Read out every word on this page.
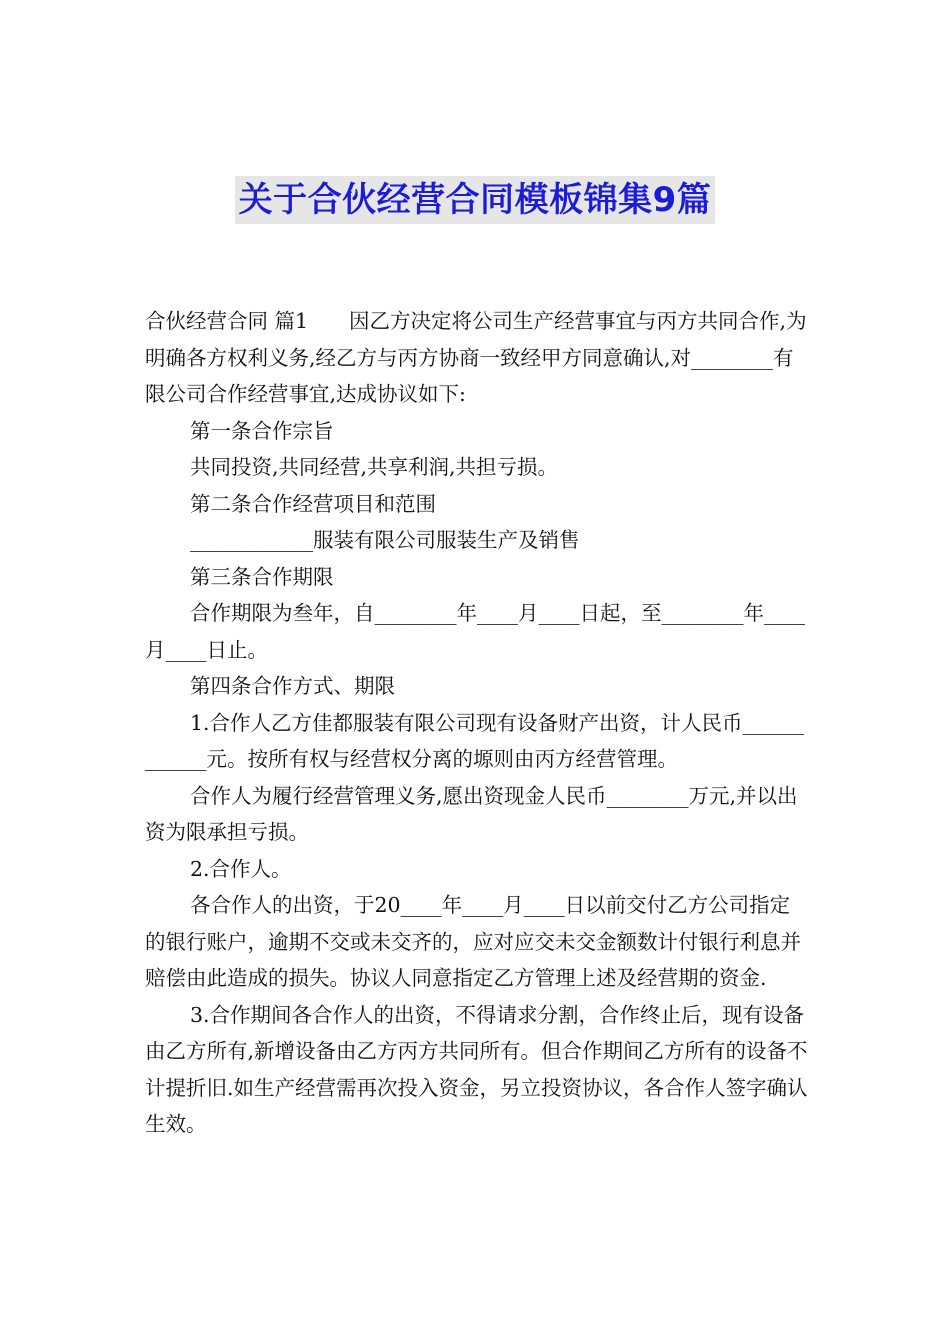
关于合伙经营合同模板锦集9篇

合伙经营合同 篇1　　因乙方决定将公司生产经营事宜与丙方共同合作,为明确各方权利义务,经乙方与丙方协商一致经甲方同意确认,对________有限公司合作经营事宜,达成协议如下:

第一条合作宗旨

共同投资,共同经营,共享利润,共担亏损。

第二条合作经营项目和范围

____________服装有限公司服装生产及销售

第三条合作期限

合作期限为叁年，自________年____月____日起，至________年____月____日止。

第四条合作方式、期限

1.合作人乙方佳都服装有限公司现有设备财产出资，计人民币____________元。按所有权与经营权分离的塬则由丙方经营管理。

合作人为履行经营管理义务,愿出资现金人民币________万元,并以出资为限承担亏损。

2.合作人。

各合作人的出资，于20____年____月____日以前交付乙方公司指定的银行账户，逾期不交或未交齐的，应对应交未交金额数计付银行利息并赔偿由此造成的损失。协议人同意指定乙方管理上述及经营期的资金.

3.合作期间各合作人的出资，不得请求分割，合作终止后，现有设备由乙方所有,新增设备由乙方丙方共同所有。但合作期间乙方所有的设备不计提折旧.如生产经营需再次投入资金，另立投资协议，各合作人签字确认生效。
